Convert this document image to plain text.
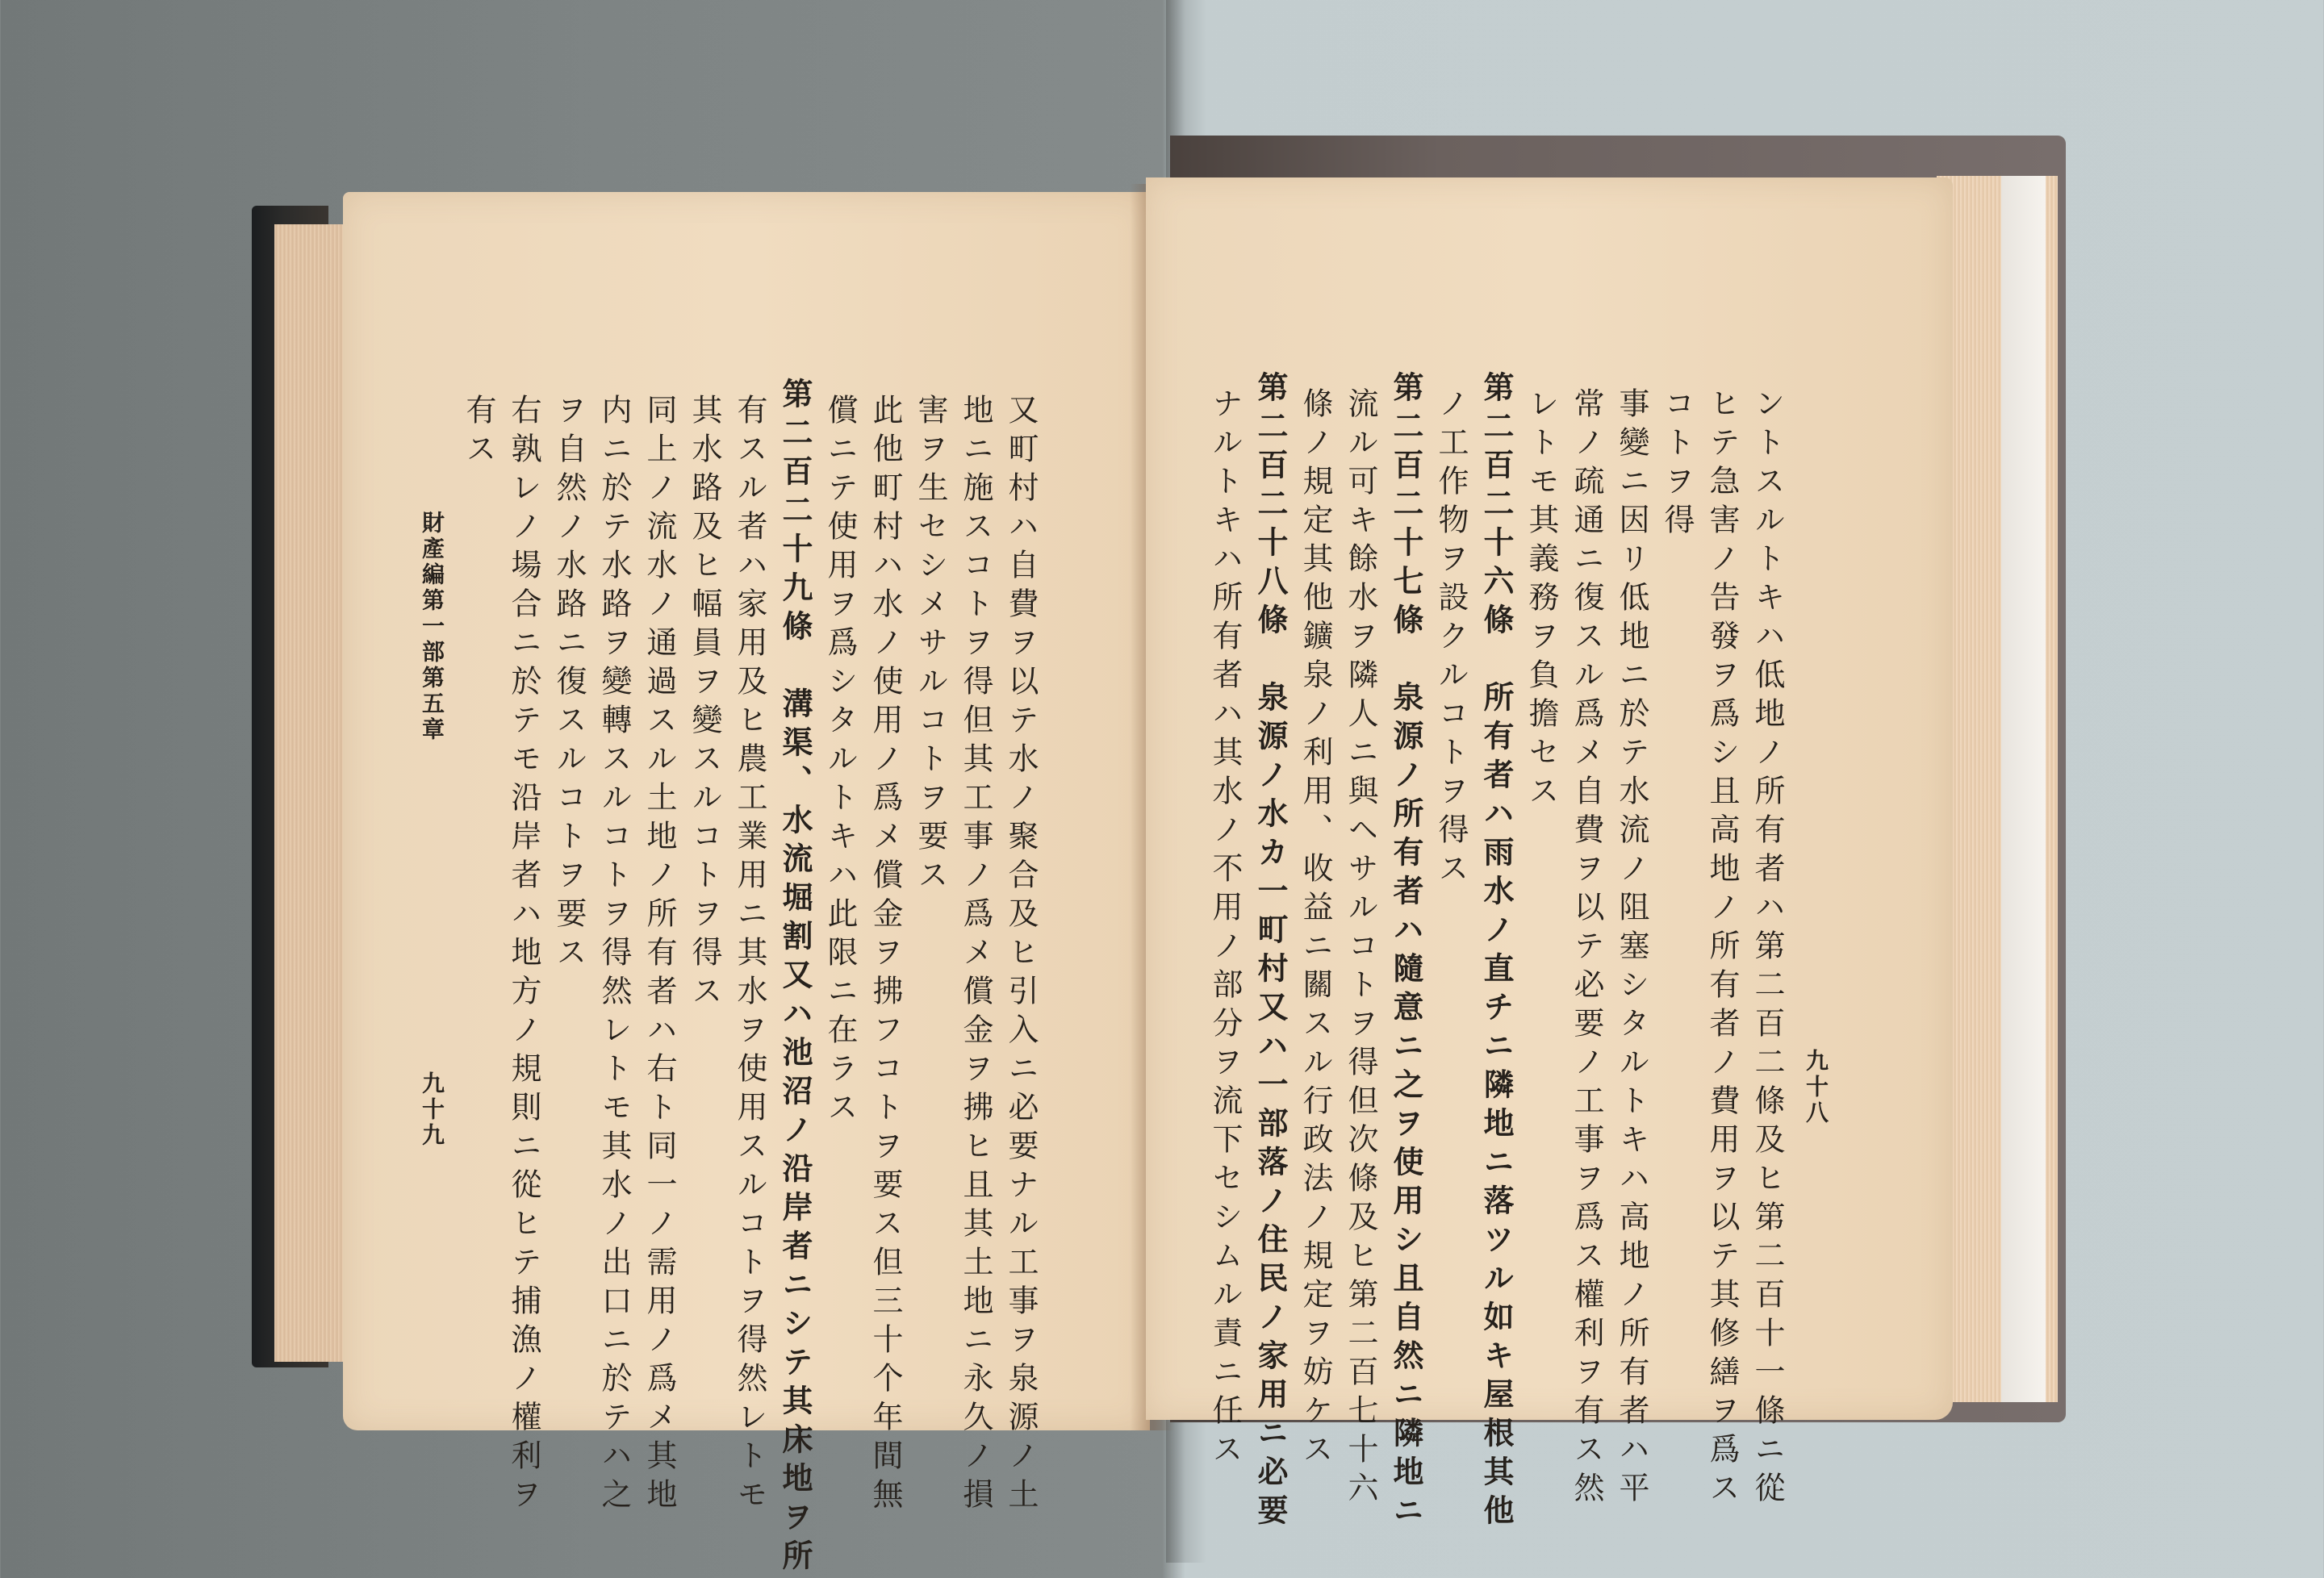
又町村ハ自費ヲ以テ水ノ聚合及ヒ引入ニ必要ナル工事ヲ泉源ノ土
地ニ施スコトヲ得但其工事ノ爲メ償金ヲ拂ヒ且其土地ニ永久ノ損
害ヲ生セシメサルコトヲ要ス
此他町村ハ水ノ使用ノ爲メ償金ヲ拂フコトヲ要ス但三十个年間無
償ニテ使用ヲ爲シタルトキハ此限ニ在ラス
第二百二十九條　溝渠、水流堀割又ハ池沼ノ沿岸者ニシテ其床地ヲ所
有スル者ハ家用及ヒ農工業用ニ其水ヲ使用スルコトヲ得然レトモ
其水路及ヒ幅員ヲ變スルコトヲ得ス
同上ノ流水ノ通過スル土地ノ所有者ハ右ト同一ノ需用ノ爲メ其地
内ニ於テ水路ヲ變轉スルコトヲ得然レトモ其水ノ出口ニ於テハ之
ヲ自然ノ水路ニ復スルコトヲ要ス
右孰レノ場合ニ於テモ沿岸者ハ地方ノ規則ニ從ヒテ捕漁ノ權利ヲ
有ス
財產編第一部第五章
九十九	九十八
ントスルトキハ低地ノ所有者ハ第二百二條及ヒ第二百十一條ニ從
ヒテ急害ノ告發ヲ爲シ且高地ノ所有者ノ費用ヲ以テ其修繕ヲ爲ス
コトヲ得
事變ニ因リ低地ニ於テ水流ノ阻塞シタルトキハ高地ノ所有者ハ平
常ノ疏通ニ復スル爲メ自費ヲ以テ必要ノ工事ヲ爲ス權利ヲ有ス然
レトモ其義務ヲ負擔セス
第二百二十六條　所有者ハ雨水ノ直チニ隣地ニ落ツル如キ屋根其他
ノ工作物ヲ設クルコトヲ得ス
第二百二十七條　泉源ノ所有者ハ隨意ニ之ヲ使用シ且自然ニ隣地ニ
流ル可キ餘水ヲ隣人ニ與ヘサルコトヲ得但次條及ヒ第二百七十六
條ノ規定其他鑛泉ノ利用、收益ニ關スル行政法ノ規定ヲ妨ケス
第二百二十八條　泉源ノ水カ一町村又ハ一部落ノ住民ノ家用ニ必要
ナルトキハ所有者ハ其水ノ不用ノ部分ヲ流下セシムル責ニ任ス
